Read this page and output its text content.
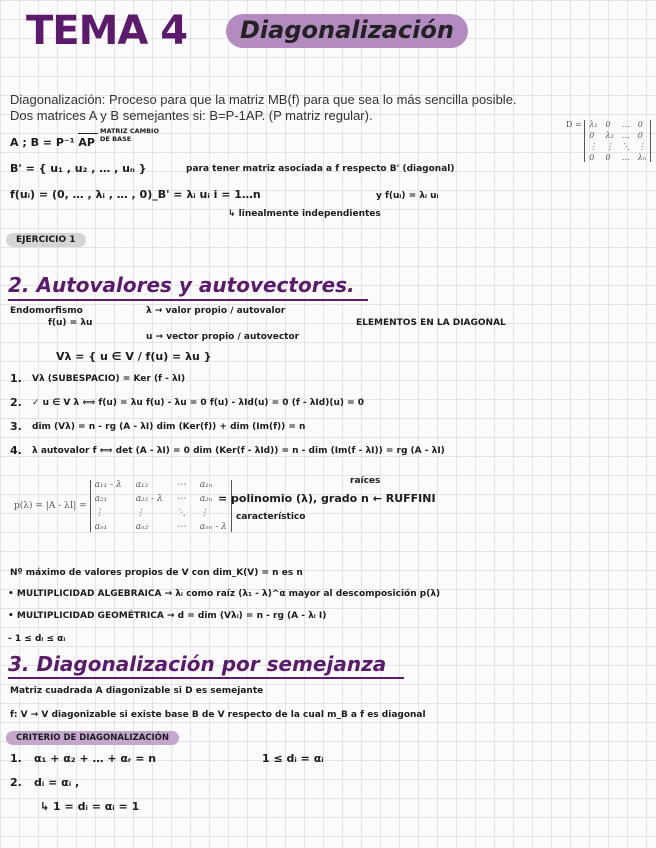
TEMA 4	Diagonalización
Diagonalización: Proceso para que la matriz MB(f) para que sea lo más sencilla posible.
Dos matrices A y B semejantes si: B=P-1AP. (P matriz regular).
A ; B = P⁻¹ AP
MATRIZ CAMBIO DE BASE
D = λ₁ 0	… 0
0	λ₂ … 0
⋮ ⋮ ⋱ ⋮
0	0	… λₙ
B' = { u₁ , u₂ , … , uₙ }	para tener matriz asociada a f respecto B' (diagonal)
f(uᵢ) = (0, … , λᵢ , … , 0)_B' = λᵢ uᵢ i = 1…n	y f(uᵢ) = λᵢ uᵢ
↳ linealmente independientes
EJERCICIO 1
2. Autovalores y autovectores.
Endomorfismo
f(u) = λu
λ → valor propio / autovalor
u → vector propio / autovector
ELEMENTOS EN LA DIAGONAL
Vλ = { u ∈ V / f(u) = λu }
1. Vλ (SUBESPACIO) = Ker (f - λI)
2. ✓ u ∈ V λ ⟺ f(u) = λu f(u) - λu = 0 f(u) - λId(u) = 0 (f - λId)(u) = 0
3. dim (Vλ) = n - rg (A - λI) dim (Ker(f)) + dim (Im(f)) = n
4. λ autovalor f ⟺ det (A - λI) = 0 dim (Ker(f - λId)) = n - dim (Im(f - λI)) = rg (A - λI)
p(λ) = |A - λI| =
a₁₁ - λ a₁₂	⋯ a₁ₙ
a₂₁	a₂₂ - λ ⋯ a₂ₙ
⋮	⋮	⋱ ⋮
aₙ₁	aₙ₂	⋯ aₙₙ - λ
raíces
= polinomio (λ), grado n ← RUFFINI
característico
Nº máximo de valores propios de V con dim_K(V) = n es n
• MULTIPLICIDAD ALGEBRAICA → λᵢ como raíz (λ₁ - λ)^α mayor al descomposición p(λ)
• MULTIPLICIDAD GEOMÉTRICA → d = dim (Vλᵢ) = n - rg (A - λᵢ I)
- 1 ≤ dᵢ ≤ αᵢ
3. Diagonalización por semejanza
Matriz cuadrada A diagonizable si D es semejante
f: V → V diagonizable si existe base B de V respecto de la cual m_B a f es diagonal
CRITERIO DE DIAGONALIZACIÓN
1. α₁ + α₂ + … + αᵣ = n	1 ≤ dᵢ = αᵢ
2. dᵢ = αᵢ ,
↳ 1 = dᵢ = αᵢ = 1
